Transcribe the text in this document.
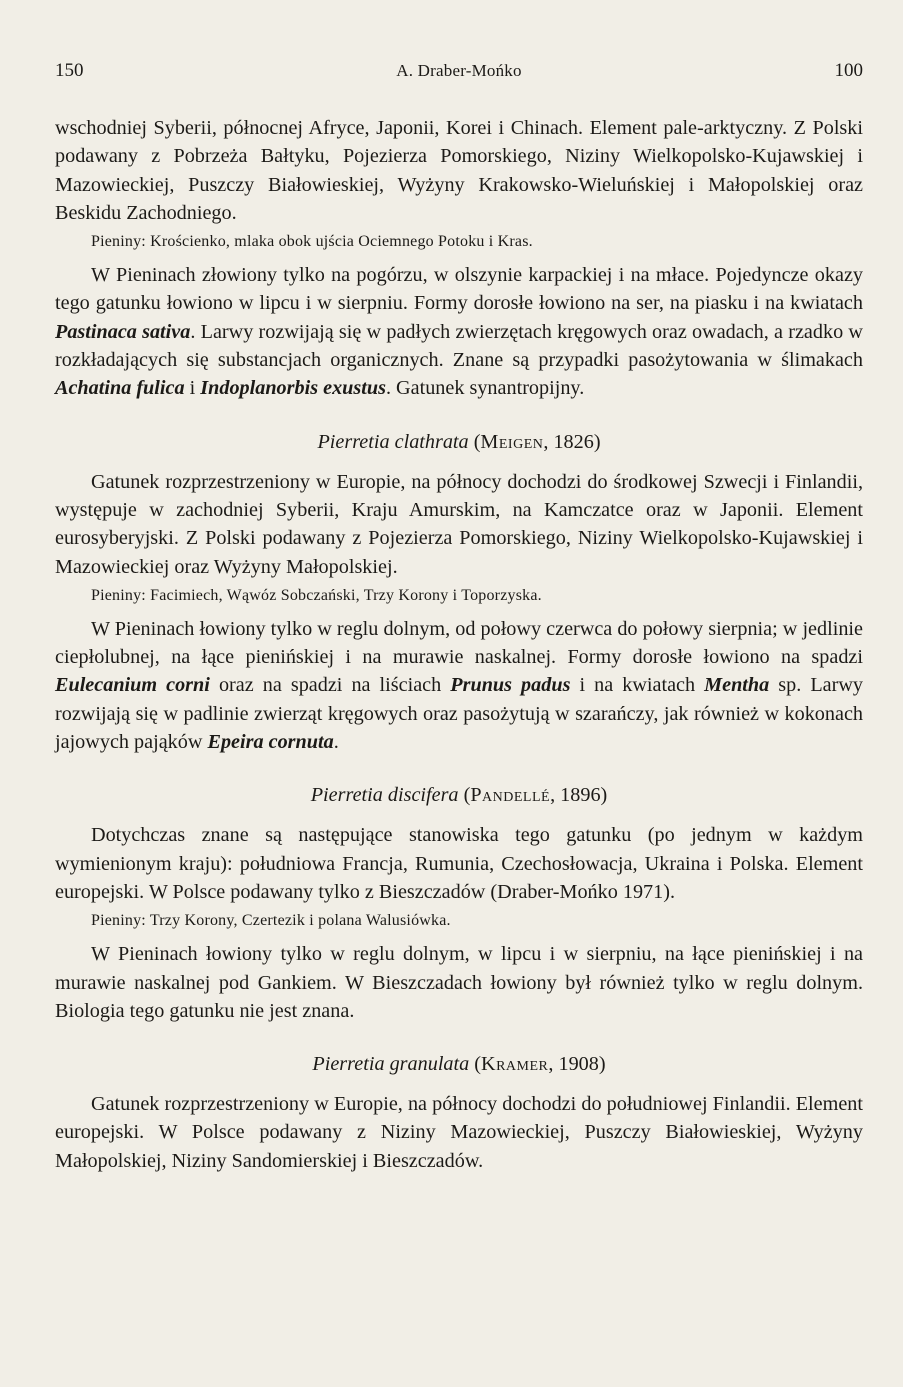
150	A. Draber-Mońko	100

wschodniej Syberii, północnej Afryce, Japonii, Korei i Chinach. Element pale-arktyczny. Z Polski podawany z Pobrzeża Bałtyku, Pojezierza Pomorskiego, Niziny Wielkopolsko-Kujawskiej i Mazowieckiej, Puszczy Białowieskiej, Wyżyny Krakowsko-Wieluńskiej i Małopolskiej oraz Beskidu Zachodniego.

Pieniny: Krościenko, mlaka obok ujścia Ociemnego Potoku i Kras.

W Pieninach złowiony tylko na pogórzu, w olszynie karpackiej i na młace. Pojedyncze okazy tego gatunku łowiono w lipcu i w sierpniu. Formy dorosłe łowiono na ser, na piasku i na kwiatach Pastinaca sativa. Larwy rozwijają się w padłych zwierzętach kręgowych oraz owadach, a rzadko w rozkładających się substancjach organicznych. Znane są przypadki pasożytowania w ślimakach Achatina fulica i Indoplanorbis exustus. Gatunek synantropijny.

Pierretia clathrata (Meigen, 1826)

Gatunek rozprzestrzeniony w Europie, na północy dochodzi do środkowej Szwecji i Finlandii, występuje w zachodniej Syberii, Kraju Amurskim, na Kamczatce oraz w Japonii. Element eurosyberyjski. Z Polski podawany z Pojezierza Pomorskiego, Niziny Wielkopolsko-Kujawskiej i Mazowieckiej oraz Wyżyny Małopolskiej.

Pieniny: Facimiech, Wąwóz Sobczański, Trzy Korony i Toporzyska.

W Pieninach łowiony tylko w reglu dolnym, od połowy czerwca do połowy sierpnia; w jedlinie ciepłolubnej, na łące pienińskiej i na murawie naskalnej. Formy dorosłe łowiono na spadzi Eulecanium corni oraz na spadzi na liściach Prunus padus i na kwiatach Mentha sp. Larwy rozwijają się w padlinie zwierząt kręgowych oraz pasożytują w szarańczy, jak również w kokonach jajowych pająków Epeira cornuta.

Pierretia discifera (Pandellé, 1896)

Dotychczas znane są następujące stanowiska tego gatunku (po jednym w każdym wymienionym kraju): południowa Francja, Rumunia, Czechosłowacja, Ukraina i Polska. Element europejski. W Polsce podawany tylko z Bieszczadów (Draber-Mońko 1971).

Pieniny: Trzy Korony, Czertezik i polana Walusiówka.

W Pieninach łowiony tylko w reglu dolnym, w lipcu i w sierpniu, na łące pienińskiej i na murawie naskalnej pod Gankiem. W Bieszczadach łowiony był również tylko w reglu dolnym. Biologia tego gatunku nie jest znana.

Pierretia granulata (Kramer, 1908)

Gatunek rozprzestrzeniony w Europie, na północy dochodzi do południowej Finlandii. Element europejski. W Polsce podawany z Niziny Mazowieckiej, Puszczy Białowieskiej, Wyżyny Małopolskiej, Niziny Sandomierskiej i Bieszczadów.
